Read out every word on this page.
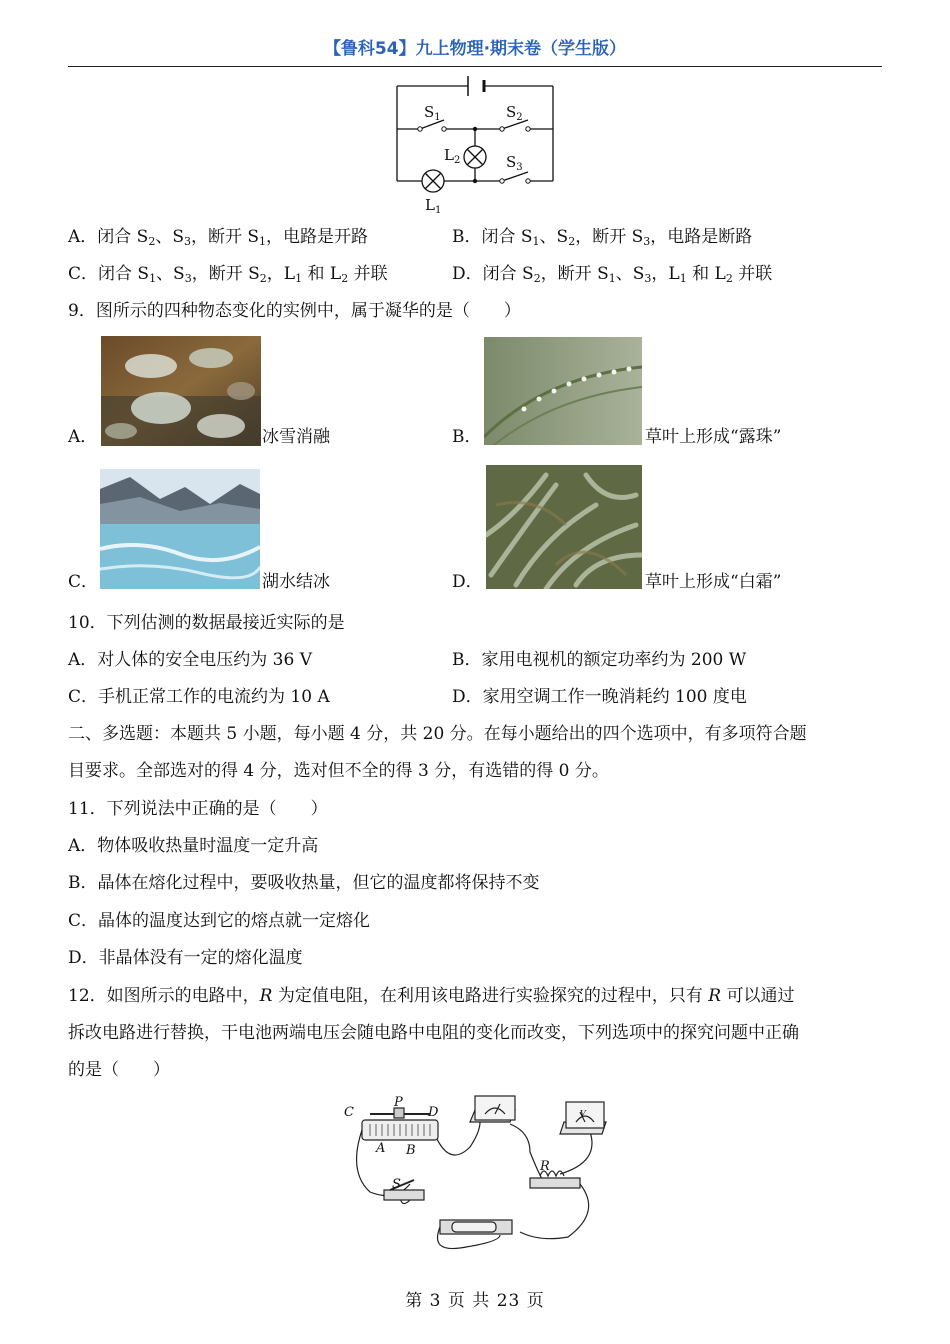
【鲁科54】九上物理·期末卷（学生版）
$S_1$	$S_2$
$S_3$
$L_2$
$L_1$
A．闭合 $S_2$、$S_3$，断开 $S_1$，电路是开路	B．闭合 $S_1$、$S_2$，断开 $S_3$，电路是断路
C．闭合 $S_1$、$S_3$，断开 $S_2$，$L_1$ 和 $L_2$ 并联	D．闭合 $S_2$，断开 $S_1$、$S_3$，$L_1$ 和 $L_2$ 并联
9．图所示的四种物态变化的实例中，属于凝华的是（　　）
A．	冰雪消融	B．	草叶上形成“露珠”
C．	湖水结冰	D．	草叶上形成“白霜”
10．下列估测的数据最接近实际的是
A．对人体的安全电压约为 36 V	B．家用电视机的额定功率约为 200 W
C．手机正常工作的电流约为 10 A	D．家用空调工作一晚消耗约 100 度电
二、多选题：本题共 5 小题，每小题 4 分，共 20 分。在每小题给出的四个选项中，有多项符合题
目要求。全部选对的得 4 分，选对但不全的得 3 分，有选错的得 0 分。
11．下列说法中正确的是（　　）
A．物体吸收热量时温度一定升高
B．晶体在熔化过程中，要吸收热量，但它的温度都将保持不变
C．晶体的温度达到它的熔点就一定熔化
D．非晶体没有一定的熔化温度
12．如图所示的电路中，R 为定值电阻，在利用该电路进行实验探究的过程中，只有 R 可以通过
拆改电路进行替换，干电池两端电压会随电路中电阻的变化而改变，下列选项中的探究问题中正确
的是（　　）
C
P
D
A B
S
R
V
第 3 页 共 23 页
